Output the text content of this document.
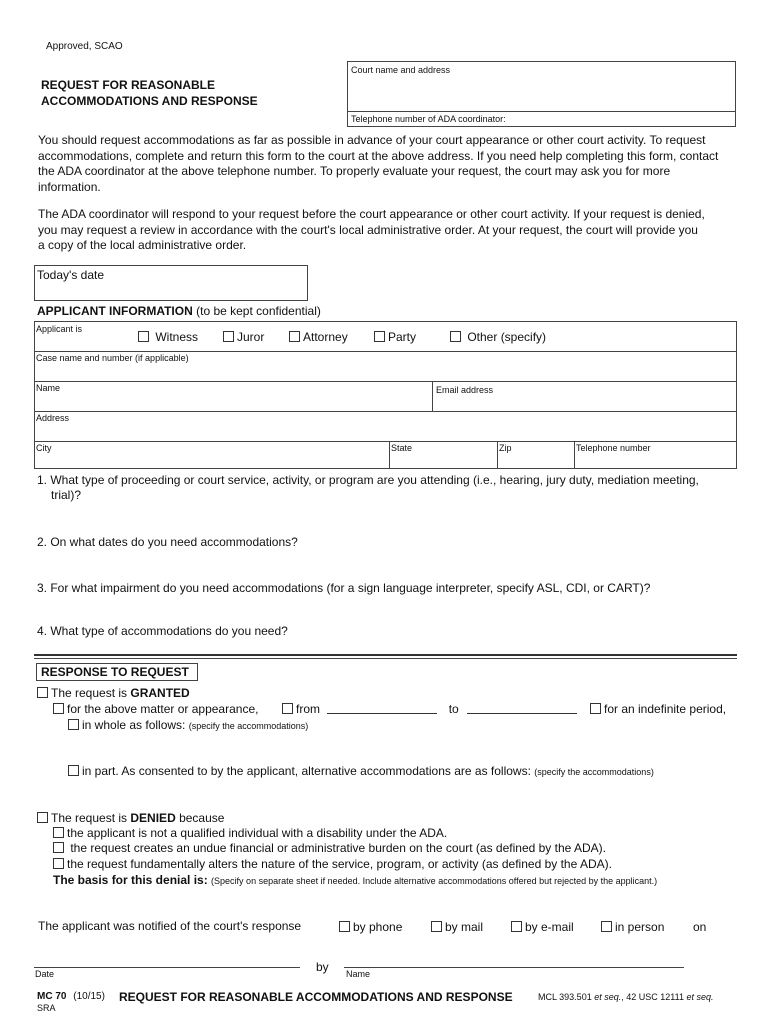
Approved, SCAO
REQUEST FOR REASONABLE
ACCOMMODATIONS AND RESPONSE
Court name and address
Telephone number of ADA coordinator:
You should request accommodations as far as possible in advance of your court appearance or other court activity. To request
accommodations, complete and return this form to the court at the above address. If you need help completing this form, contact
the ADA coordinator at the above telephone number. To properly evaluate your request, the court may ask you for more
information.
The ADA coordinator will respond to your request before the court appearance or other court activity. If your request is denied,
you may request a review in accordance with the court's local administrative order. At your request, the court will provide you
a copy of the local administrative order.
Today's date
APPLICANT INFORMATION (to be kept confidential)
Applicant is
Witness	Juror	Attorney	Party	Other (specify)
Case name and number (if applicable)
Name	Email address
Address
City	State	Zip	Telephone number
1. What type of proceeding or court service, activity, or program are you attending (i.e., hearing, jury duty, mediation meeting,
trial)?
2. On what dates do you need accommodations?
3. For what impairment do you need accommodations (for a sign language interpreter, specify ASL, CDI, or CART)?
4. What type of accommodations do you need?
RESPONSE TO REQUEST
The request is GRANTED
for the above matter or appearance,	from	to	for an indefinite period,
in whole as follows: (specify the accommodations)
in part. As consented to by the applicant, alternative accommodations are as follows: (specify the accommodations)
The request is DENIED because
the applicant is not a qualified individual with a disability under the ADA.
the request creates an undue financial or administrative burden on the court (as defined by the ADA).
the request fundamentally alters the nature of the service, program, or activity (as defined by the ADA).
The basis for this denial is: (Specify on separate sheet if needed. Include alternative accommodations offered but rejected by the applicant.)
The applicant was notified of the court's response	by phone	by mail	by e-mail	in person on
Date	by Name
MC 70 (10/15) REQUEST FOR REASONABLE ACCOMMODATIONS AND RESPONSE	MCL 393.501 et seq., 42 USC 12111 et seq.
SRA
